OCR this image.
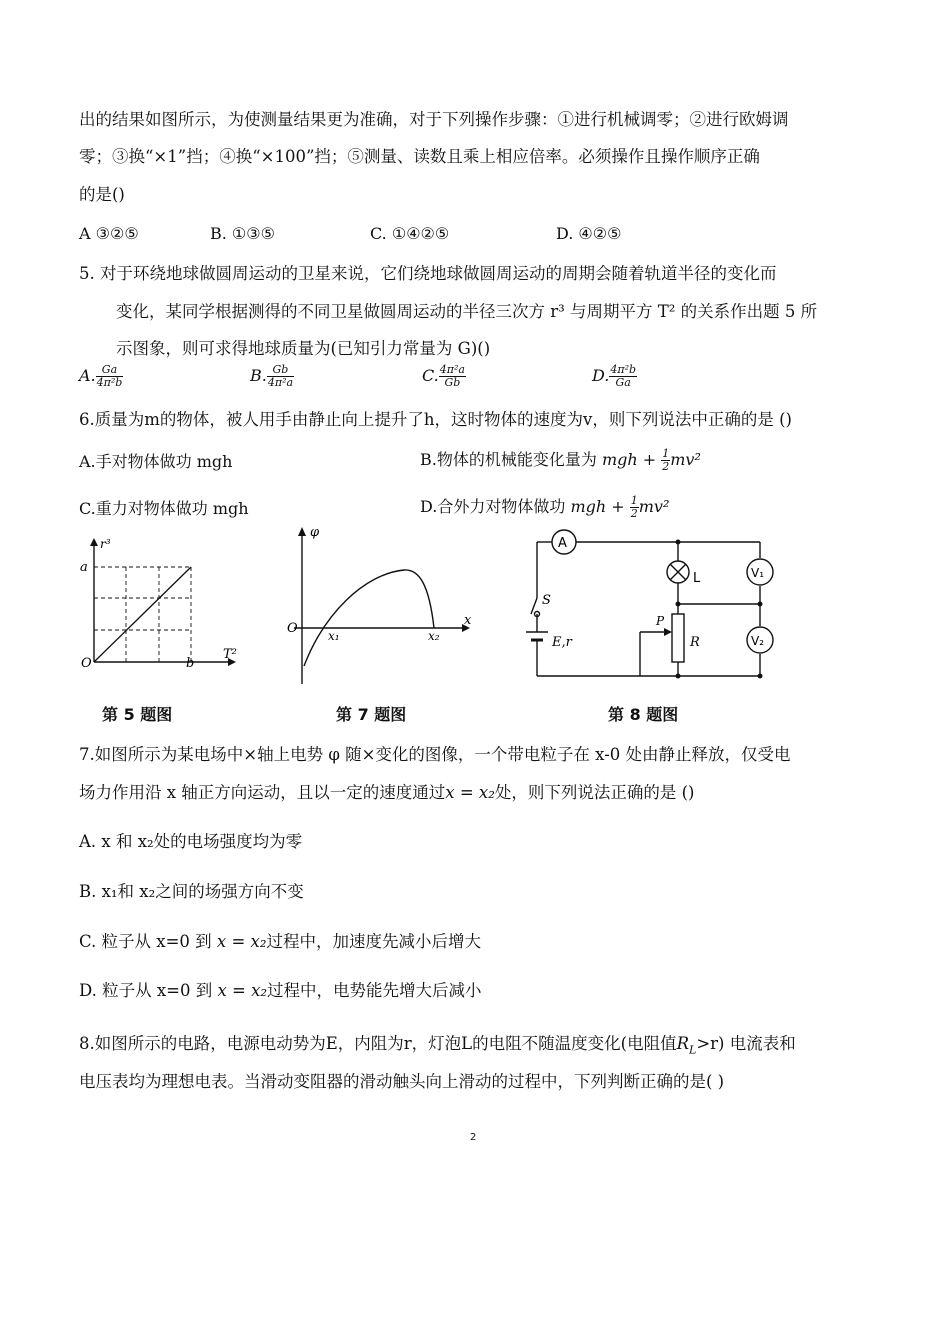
出的结果如图所示，为使测量结果更为准确，对于下列操作步骤：①进行机械调零；②进行欧姆调
零；③换“×1”挡；④换“×100”挡；⑤测量、读数且乘上相应倍率。必须操作且操作顺序正确
的是()
A ③②⑤	B. ①③⑤	C. ①④②⑤	D. ④②⑤
5. 对于环绕地球做圆周运动的卫星来说，它们绕地球做圆周运动的周期会随着轨道半径的变化而
变化，某同学根据测得的不同卫星做圆周运动的半径三次方 r³ 与周期平方 T² 的关系作出题 5 所
示图象，则可求得地球质量为(已知引力常量为 G)()
A. $\frac{Ga}{\text{4π²b}}$	B. $\frac{Gb}{\text{4π²a}}$	C. $\frac{\text{4π²a}}{Gb}$	D. $\frac{\text{4π²b}}{Ga}$
6.质量为m的物体，被人用手由静止向上提升了h，这时物体的速度为v，则下列说法中正确的是 ()
A.手对物体做功 mgh	B.物体的机械能变化量为 mgh + $\frac{1}{2} mv^2$
C.重力对物体做功 mgh	D.合外力对物体做功 mgh + $\frac{1}{2} mv^2$
r³
a
O	b
T²
φ
O	x₁	x₂
x
A
L	V₁
V₂
S
E,r
P
R
第 5 题图	第 7 题图	第 8 题图
7.如图所示为某电场中×轴上电势 φ 随×变化的图像，一个带电粒子在 x-0 处由静止释放，仅受电
场力作用沿 x 轴正方向运动，且以一定的速度通过x = x₂处，则下列说法正确的是 ()
A. x 和 x₂处的电场强度均为零
B. x₁和 x₂之间的场强方向不变
C. 粒子从 x=0 到 x = x₂过程中，加速度先减小后增大
D. 粒子从 x=0 到 x = x₂过程中，电势能先增大后减小
8.如图所示的电路，电源电动势为E，内阻为r，灯泡L的电阻不随温度变化(电阻值$R_L>r$) 电流表和
电压表均为理想电表。当滑动变阻器的滑动触头向上滑动的过程中，下列判断正确的是( )
2
